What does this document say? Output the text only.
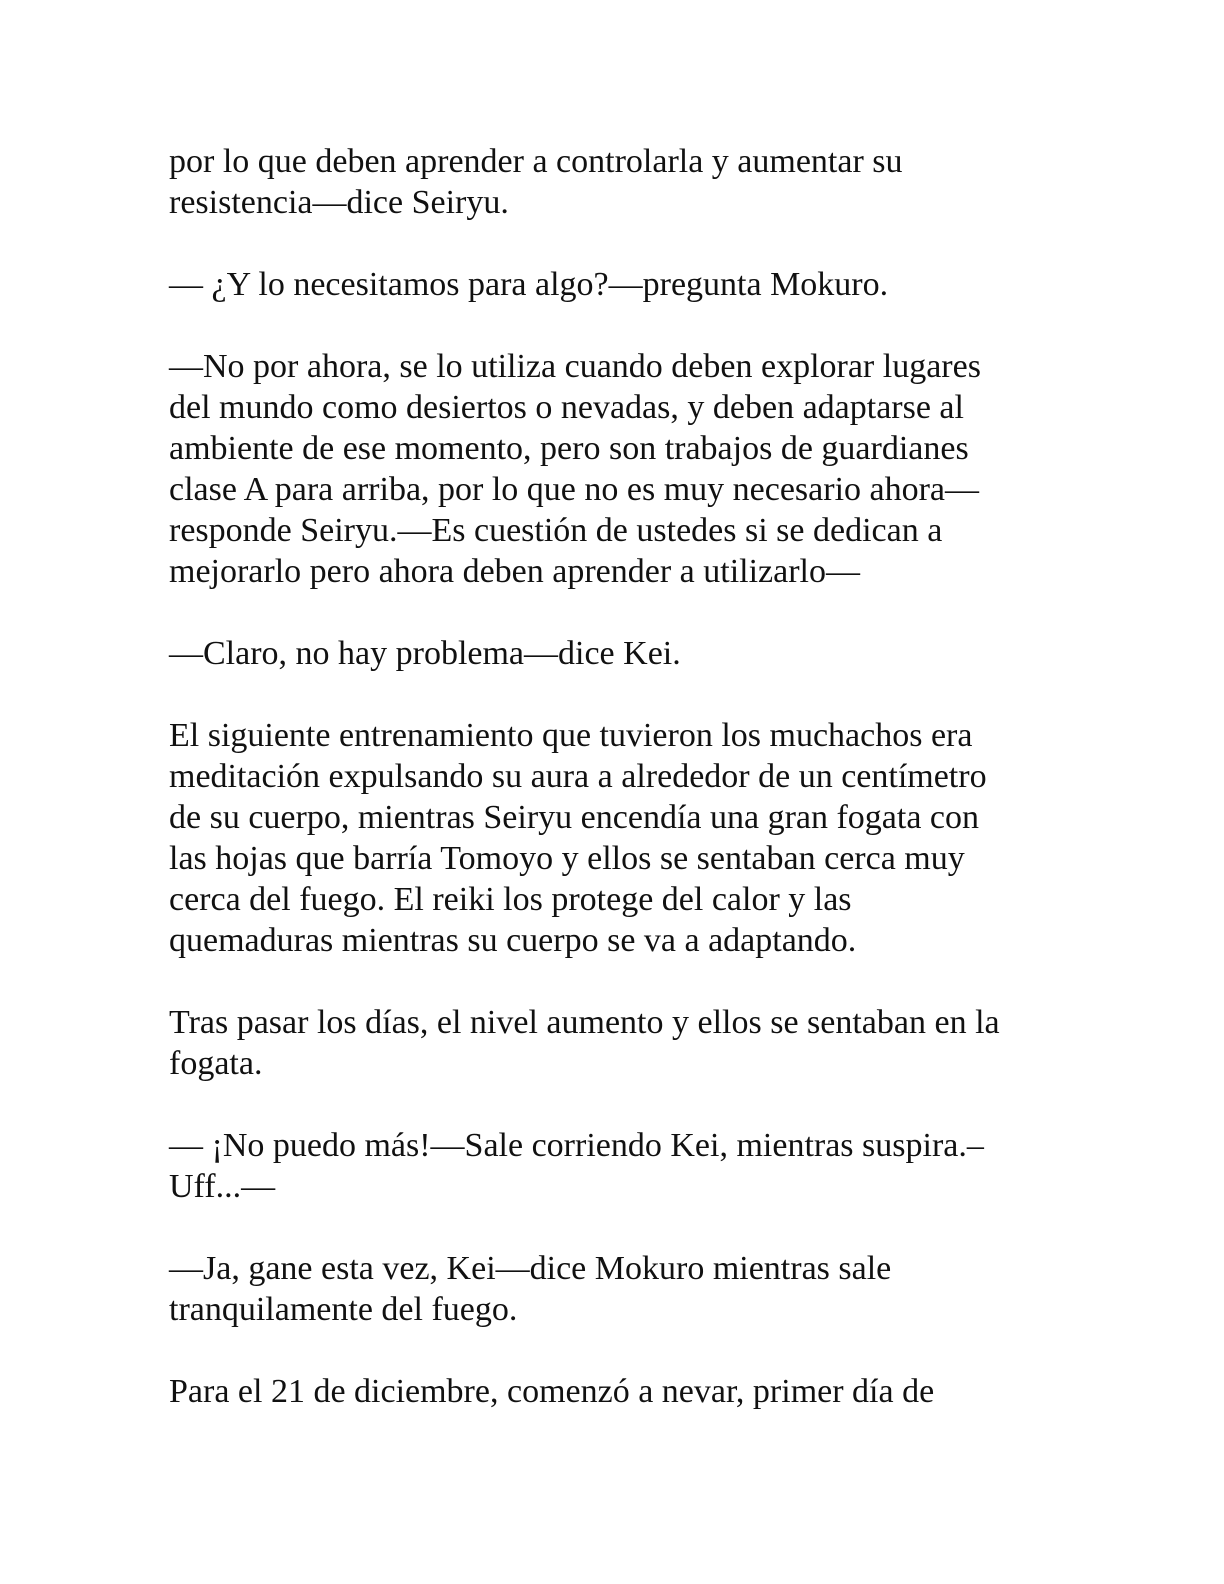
por lo que deben aprender a controlarla y aumentar su
resistencia—dice Seiryu.

— ¿Y lo necesitamos para algo?—pregunta Mokuro.

—No por ahora, se lo utiliza cuando deben explorar lugares
del mundo como desiertos o nevadas, y deben adaptarse al
ambiente de ese momento, pero son trabajos de guardianes
clase A para arriba, por lo que no es muy necesario ahora—
responde Seiryu.—Es cuestión de ustedes si se dedican a
mejorarlo pero ahora deben aprender a utilizarlo—

—Claro, no hay problema—dice Kei.

El siguiente entrenamiento que tuvieron los muchachos era
meditación expulsando su aura a alrededor de un centímetro
de su cuerpo, mientras Seiryu encendía una gran fogata con
las hojas que barría Tomoyo y ellos se sentaban cerca muy
cerca del fuego. El reiki los protege del calor y las
quemaduras mientras su cuerpo se va a adaptando.

Tras pasar los días, el nivel aumento y ellos se sentaban en la
fogata.

— ¡No puedo más!—Sale corriendo Kei, mientras suspira.–
Uff...—

—Ja, gane esta vez, Kei—dice Mokuro mientras sale
tranquilamente del fuego.

Para el 21 de diciembre, comenzó a nevar, primer día de
